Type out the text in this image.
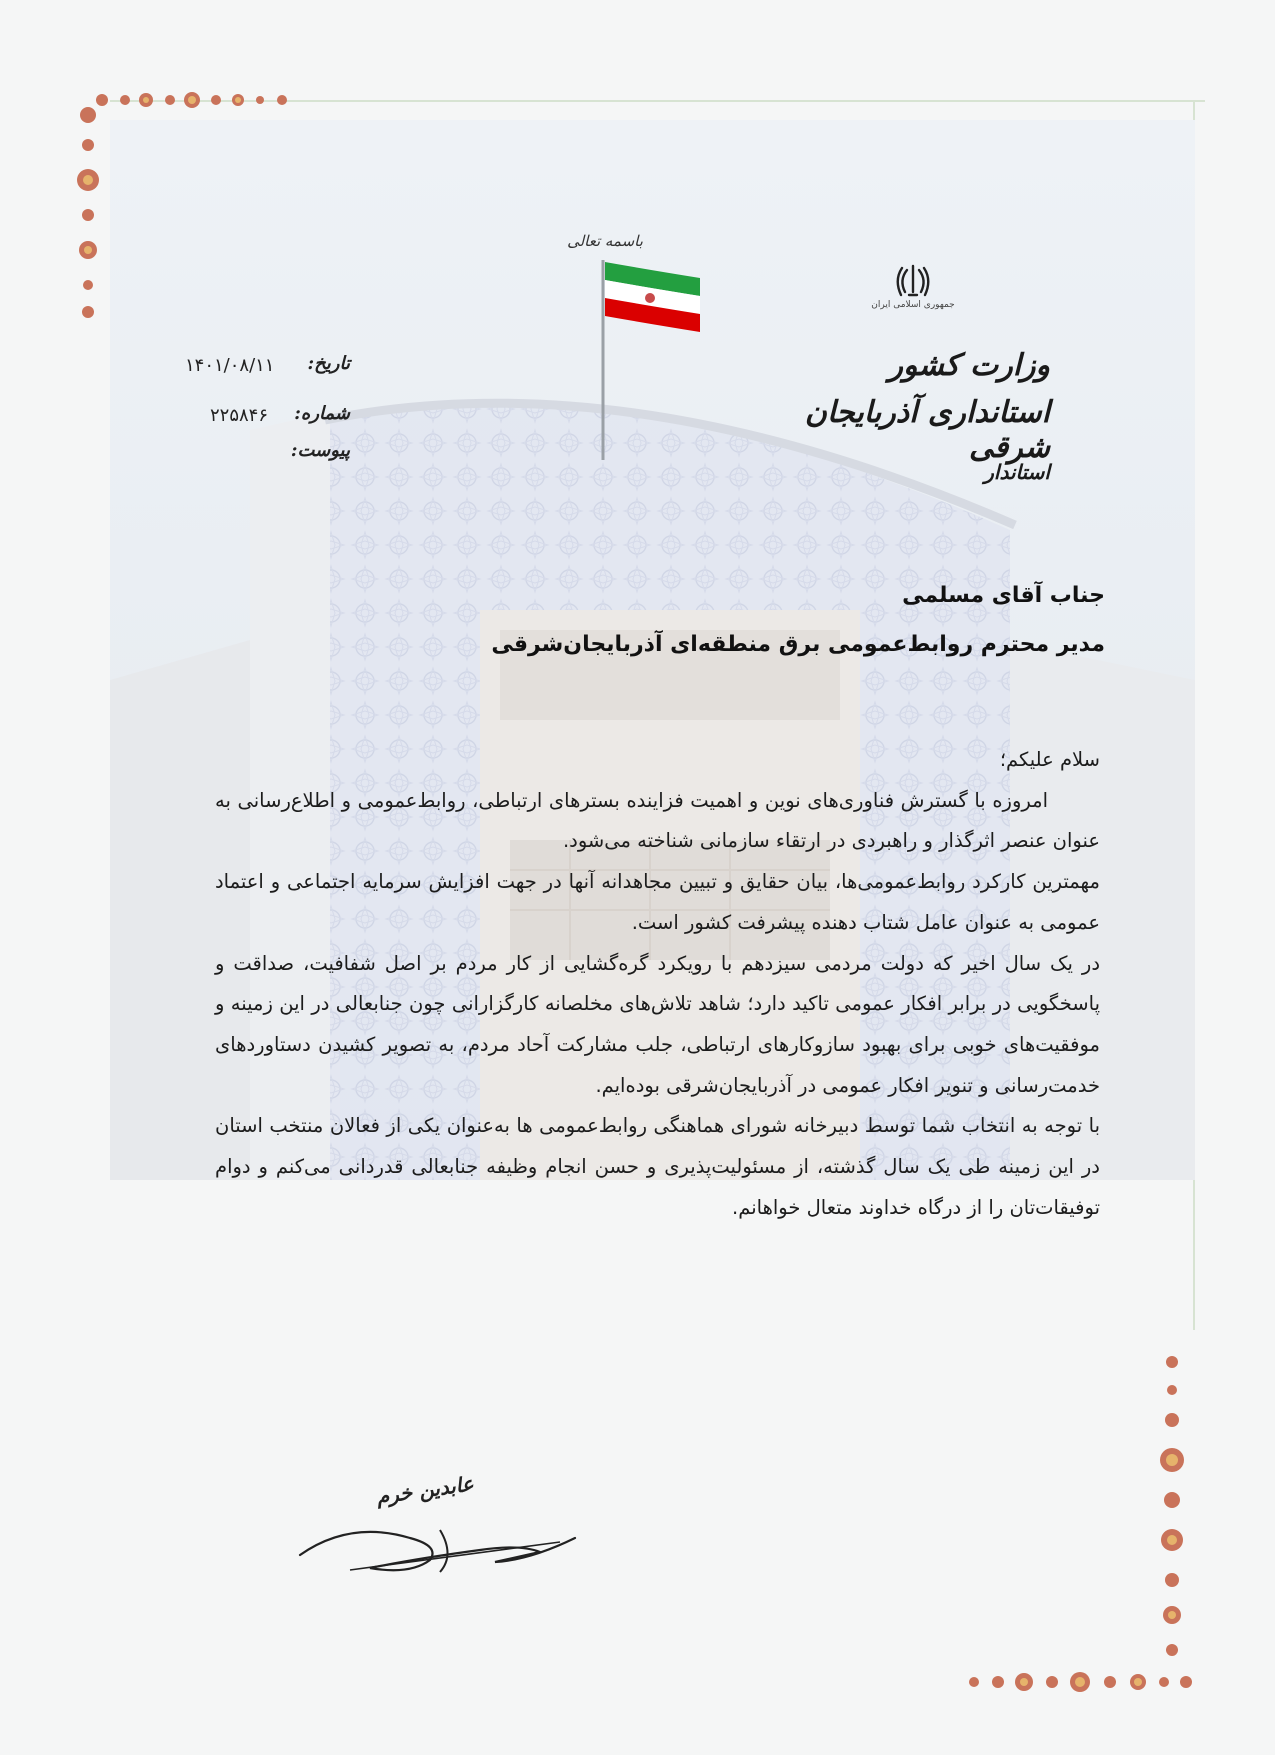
باسمه تعالی
جمهوری اسلامی ایران
وزارت کشور
استانداری آذربایجان شرقی
استاندار
تاریخ:
۱۴۰۱/۰۸/۱۱
شماره:
۲۲۵۸۴۶
پیوست:
جناب آقای مسلمی
مدیر محترم روابط‌عمومی برق منطقه‌ای آذربایجان‌شرقی

سلام علیکم؛

امروزه با گسترش فناوری‌های نوین و اهمیت فزاینده بسترهای ارتباطی، روابط‌عمومی و اطلاع‌رسانی به عنوان عنصر اثرگذار و راهبردی در ارتقاء سازمانی شناخته می‌شود.

مهمترین کارکرد روابط‌عمومی‌ها، بیان حقایق و تبیین مجاهدانه آنها در جهت افزایش سرمایه اجتماعی و اعتماد عمومی به عنوان عامل شتاب دهنده پیشرفت کشور است.

در یک سال اخیر که دولت مردمی سیزدهم با رویکرد گره‌گشایی از کار مردم بر اصل شفافیت، صداقت و پاسخگویی در برابر افکار عمومی تاکید دارد؛ شاهد تلاش‌های مخلصانه کارگزارانی چون جنابعالی در این زمینه و موفقیت‌های خوبی برای بهبود سازوکارهای ارتباطی، جلب مشارکت آحاد مردم، به تصویر کشیدن دستاوردهای خدمت‌رسانی و تنویر افکار عمومی در آذربایجان‌شرقی بوده‌ایم.

با توجه به انتخاب شما توسط دبیرخانه شورای هماهنگی روابط‌عمومی ها به‌عنوان یکی از فعالان منتخب استان در این زمینه طی یک سال گذشته، از مسئولیت‌پذیری و حسن انجام وظیفه جنابعالی قدردانی می‌کنم و دوام توفیقات‌تان را از درگاه خداوند متعال خواهانم.

عابدین خرم
